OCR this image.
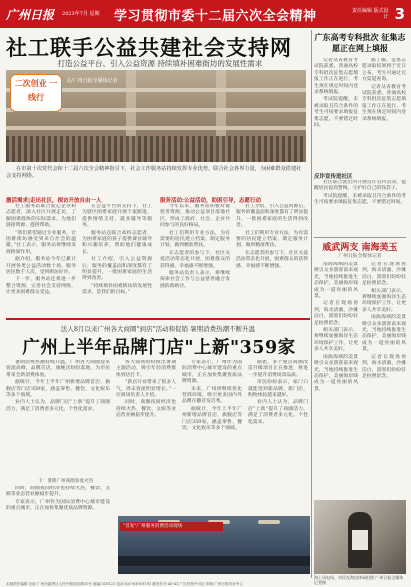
广州日报 2023年7月 星期 学习贯彻市委十二届六次全会精神	责任编辑 版式设计 3
社工联手公益共建社会支持网
打造公益平台、引入公益资源 持续填补困难街坊的发展性需求
二次创业 一线行
文/广州日报全媒体记者

在市第十次党代会和十二届六次全会精神指引下，社会工作服务站持续发挥专业优势，联合社会各界力量，为困难群众搭建社会支持网络。

激活需求|走出社区，探访开放自由一人	服务活动:公益活动，助困引导，志愿行动

社工服务站联合爱心企业和志愿者，深入社区开展走访，了解困难群体的实际需求，为他们链接资源、提供帮助。

“我们希望通过专业服务，让困难街坊感受到来自社会的温暖。”社工表示，服务站将继续发挥桥梁作用。

据介绍，服务站今年已累计开展各类公益活动数十场，服务居民数千人次，受到街坊好评。

下一步，服务站还将进一步整合资源，完善社会支持网络，让更多困难群众受益。

在公益平台的支持下，社工为辖区困难家庭开展个案跟进，提供情绪支持、就业辅导等服务。

服务站还联合高校志愿者，为困难家庭的孩子提供课业辅导和兴趣培养，帮助他们健康成长。

社工介绍，引入公益资源后，服务的覆盖面和深度都有了明显提升，一批困难家庭的生活得到改善。

“持续填补困难街坊的发展性需求，是我们的目标。”

今年以来，服务站积极对接慈善资源，推动公益项目落地社区，形成了政府、社会、企业共同参与的良好格局。

社工们利用专业方法，为有需要的居民建立档案、制定服务计划，做到精准帮扶。

在志愿者的参与下，社区关爱活动常态化开展，困难群众的获得感、幸福感不断增强。

服务站负责人表示，将继续探索社会工作与公益慈善融合发展的新路径。

社工介绍，引入公益资源后，服务的覆盖面和深度都有了明显提升，一批困难家庭的生活得到改善。

社工们利用专业方法，为有需要的居民建立档案、制定服务计划，做到精准帮扶。

在志愿者的参与下，社区关爱活动常态化开展，困难群众的获得感、幸福感不断增强。

广东高考专科批次 征集志愿正在网上填报

记者从省教育考试院获悉，普通高校专科批次征集志愿填报工作正在进行，考生须在规定时间内登录系统填报。

考试院提醒，未被录取且符合条件的考生可按要求填报征集志愿，不要错过时间。

据了解，征集志愿录取结果将于近日公布，考生可通过官方渠道查询。

记者从省教育考试院获悉，普通高校专科批次征集志愿填报工作正在进行，考生须在规定时间内登录系统填报。

反诈宣传进社区

社区联合派出所开展反诈宣传活动，提醒居民提高警惕，守护好自己的钱袋子。

考试院提醒，未被录取且符合条件的考生可按要求填报征集志愿，不要错过时间。

威武两支 南海美玉
广州日报全媒体记者

南海海域的美景吸引众多游客前来观光，当地持续推进生态保护，美丽海岸线成为一道亮丽的风景。

记者在现场看到，海水清澈，沙滩洁白，游客们纷纷驻足拍照留念。

相关部门表示，将继续加强海洋生态环境保护工作，让更多人共享美好。

南海海域的美景吸引众多游客前来观光，当地持续推进生态保护，美丽海岸线成为一道亮丽的风景。

记者在现场看到，海水清澈，沙滩洁白，游客们纷纷驻足拍照留念。

相关部门表示，将继续加强海洋生态环境保护工作，让更多人共享美好。

南海海域的美景吸引众多游客前来观光，当地持续推进生态保护，美丽海岸线成为一道亮丽的风景。

记者在现场看到，海水清澈，沙滩洁白，游客们纷纷驻足拍照留念。

海上风电场，市民在海边休闲拍照 广州日报全媒体记者摄
法人8月以来广州各大商圈"到店"活动和促销 暑期消费热潮不断升温
广州上半年品牌门店"上新"359家

暑期消费热潮持续升温，广州各大商圈迎来客流高峰，品牌首店、旗舰店纷纷落地，为市民带来全新消费体验。

据统计，今年上半年广州新增品牌首店、旗舰店等门店359家，涵盖零售、餐饮、文化娱乐等多个领域。

业内人士认为，品牌门店“上新”提升了商圈活力，满足了消费者多元化、个性化需求。

下：暑期广州商圈客流火热

同时，商圈夜间经济也持续火热，餐饮、文娱等业态营业额稳步提升。

专家表示，广州作为国际消费中心城市建设的重点城市，正在加快集聚优质品牌资源。

各大商场纷纷推出暑期主题活动，吸引年轻消费群体到店打卡。

“新店开业带来了很多人气，周末客流明显增长。”一位商场负责人介绍。

同时，商圈夜间经济也持续火热，餐饮、文娱等业态营业额稳步提升。

专家表示，广州作为国际消费中心城市建设的重点城市，正在加快集聚优质品牌资源。

未来，广州将继续优化营商环境，吸引更多国内外品牌在穗首发首秀。

据统计，今年上半年广州新增品牌首店、旗舰店等门店359家，涵盖零售、餐饮、文化娱乐等多个领域。

据悉，多个重点商圈改造升级项目正在推进，将进一步提升消费场景品质。

市民纷纷表示，家门口就能逛到新品牌、新门店，购物体验越来越好。

业内人士认为，品牌门店“上新”提升了商圈活力，满足了消费者多元化、个性化需求。

"首发"广州服务消费活动现场
本版责任编辑 社址:广州市越秀区人民中路同乐路10号 邮编:510121 电话:020-81919191 邮发代号:45-41 广告经营许可证 印刷:广州日报印务中心
